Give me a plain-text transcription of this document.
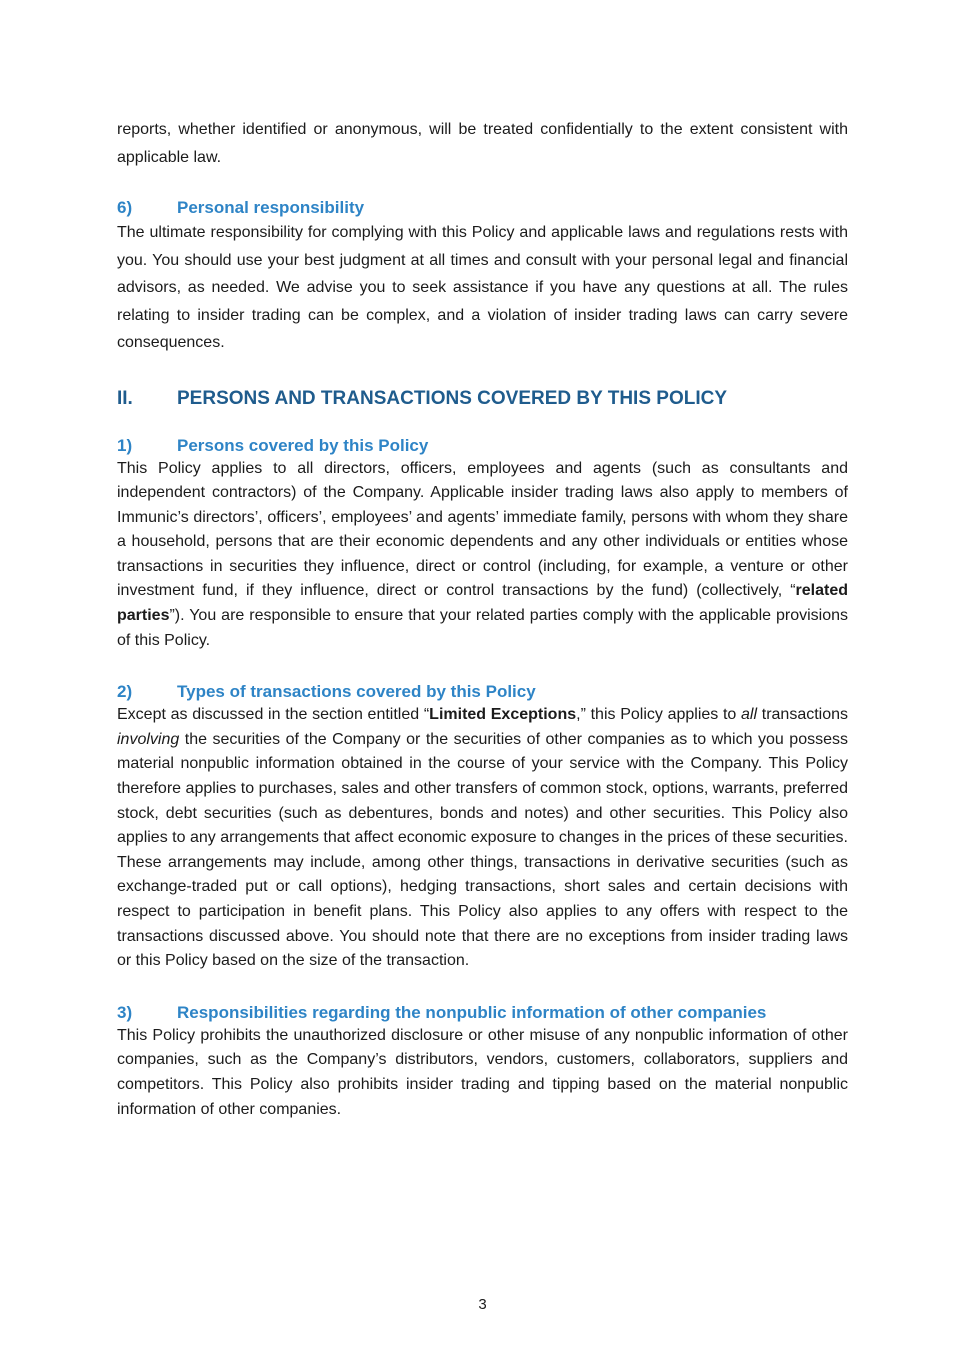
reports, whether identified or anonymous, will be treated confidentially to the extent consistent with applicable law.

6)	Personal responsibility

The ultimate responsibility for complying with this Policy and applicable laws and regulations rests with you. You should use your best judgment at all times and consult with your personal legal and financial advisors, as needed. We advise you to seek assistance if you have any questions at all. The rules relating to insider trading can be complex, and a violation of insider trading laws can carry severe consequences.

II.	PERSONS AND TRANSACTIONS COVERED BY THIS POLICY
1)	Persons covered by this Policy

This Policy applies to all directors, officers, employees and agents (such as consultants and independent contractors) of the Company. Applicable insider trading laws also apply to members of Immunic’s directors’, officers’, employees’ and agents’ immediate family, persons with whom they share a household, persons that are their economic dependents and any other individuals or entities whose transactions in securities they influence, direct or control (including, for example, a venture or other investment fund, if they influence, direct or control transactions by the fund) (collectively, “related parties”). You are responsible to ensure that your related parties comply with the applicable provisions of this Policy.

2)	Types of transactions covered by this Policy

Except as discussed in the section entitled “Limited Exceptions,” this Policy applies to all transactions involving the securities of the Company or the securities of other companies as to which you possess material nonpublic information obtained in the course of your service with the Company. This Policy therefore applies to purchases, sales and other transfers of common stock, options, warrants, preferred stock, debt securities (such as debentures, bonds and notes) and other securities. This Policy also applies to any arrangements that affect economic exposure to changes in the prices of these securities. These arrangements may include, among other things, transactions in derivative securities (such as exchange-traded put or call options), hedging transactions, short sales and certain decisions with respect to participation in benefit plans. This Policy also applies to any offers with respect to the transactions discussed above. You should note that there are no exceptions from insider trading laws or this Policy based on the size of the transaction.

3)	Responsibilities regarding the nonpublic information of other companies

This Policy prohibits the unauthorized disclosure or other misuse of any nonpublic information of other companies, such as the Company’s distributors, vendors, customers, collaborators, suppliers and competitors. This Policy also prohibits insider trading and tipping based on the material nonpublic information of other companies.

3
